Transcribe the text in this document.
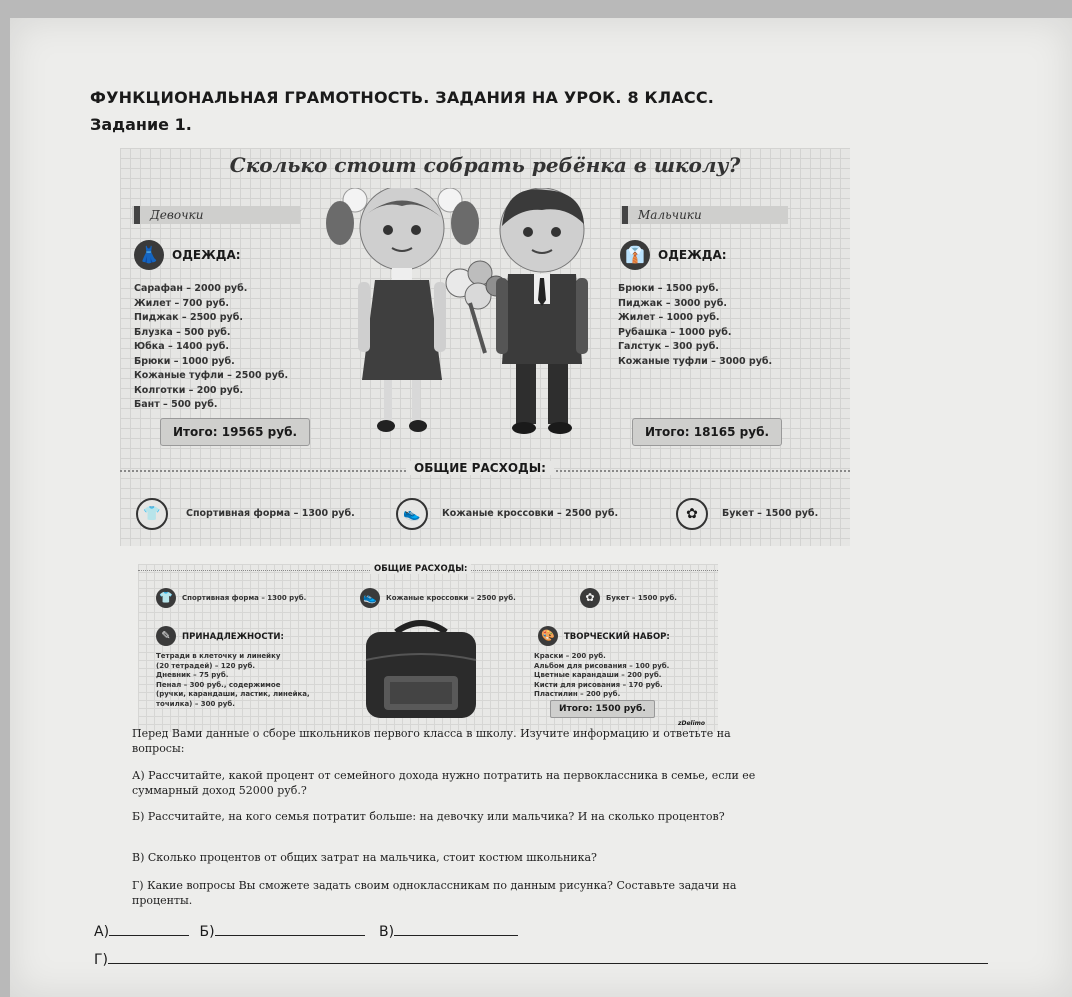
ФУНКЦИОНАЛЬНАЯ ГРАМОТНОСТЬ. ЗАДАНИЯ НА УРОК. 8 КЛАСС.
Задание 1.
Сколько стоит собрать ребёнка в школу?
Девочки
👗	ОДЕЖДА:
Сарафан – 2000 руб.
Жилет – 700 руб.
Пиджак – 2500 руб.
Блузка – 500 руб.
Юбка – 1400 руб.
Брюки – 1000 руб.
Кожаные туфли – 2500 руб.
Колготки – 200 руб.
Бант – 500 руб.
Итого: 19565 руб.
Мальчики
👔	ОДЕЖДА:
Брюки – 1500 руб.
Пиджак – 3000 руб.
Жилет – 1000 руб.
Рубашка – 1000 руб.
Галстук – 300 руб.
Кожаные туфли – 3000 руб.
Итого: 18165 руб.
ОБЩИЕ РАСХОДЫ:
👕	Спортивная форма – 1300 руб.	👟	Кожаные кроссовки – 2500 руб.	✿	Букет – 1500 руб.
ОБЩИЕ РАСХОДЫ:
👕	Спортивная форма – 1300 руб.	👟	Кожаные кроссовки – 2500 руб.	✿	Букет – 1500 руб.
✎	ПРИНАДЛЕЖНОСТИ:
Тетради в клеточку и линейку
(20 тетрадей) – 120 руб.
Дневник – 75 руб.
Пенал – 300 руб., содержимое
(ручки, карандаши, ластик, линейка,
точилка) – 300 руб.
🎨	ТВОРЧЕСКИЙ НАБОР:
Краски – 200 руб.
Альбом для рисования – 100 руб.
Цветные карандаши – 200 руб.
Кисти для рисования – 170 руб.
Пластилин – 200 руб.
Итого: 1500 руб.
zDelimo
Перед Вами данные о сборе школьников первого класса в школу. Изучите информацию и ответьте на вопросы:
А) Рассчитайте, какой процент от семейного дохода нужно потратить на первоклассника в семье, если ее суммарный доход 52000 руб.?
Б) Рассчитайте, на кого семья потратит больше: на девочку или мальчика? И на сколько процентов?
В) Сколько процентов от общих затрат на мальчика, стоит костюм школьника?
Г) Какие вопросы Вы сможете задать своим одноклассникам по данным рисунка? Составьте задачи на проценты.
А)	Б)	В)
Г)
